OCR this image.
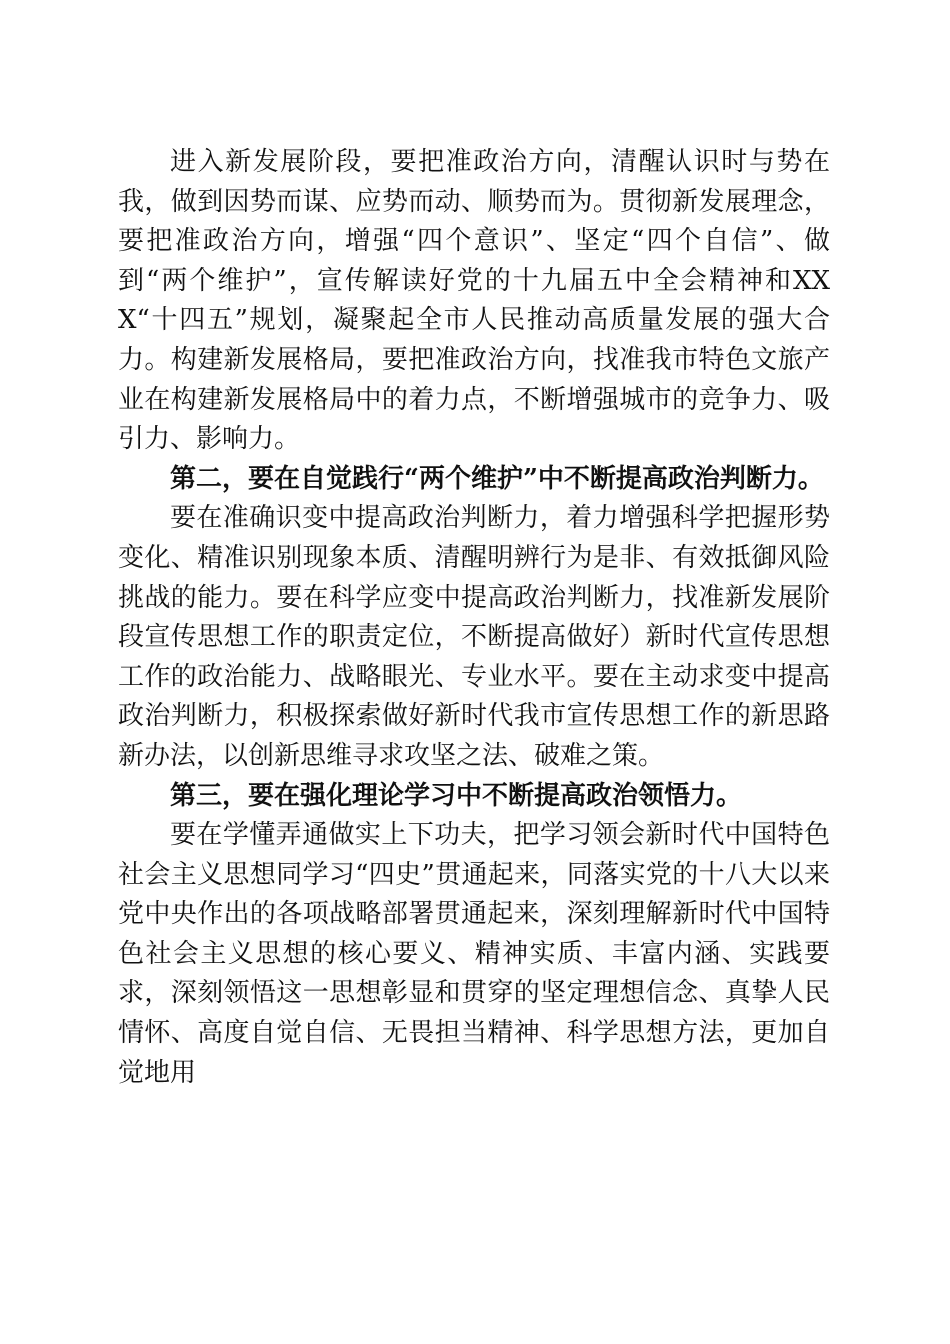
进入新发展阶段，要把准政治方向，清醒认识时与势在我，做到因势而谋、应势而动、顺势而为。贯彻新发展理念，要把准政治方向，增强“四个意识”、坚定“四个自信”、做到“两个维护”，宣传解读好党的十九届五中全会精神和XXX“十四五”规划，凝聚起全市人民推动高质量发展的强大合力。构建新发展格局，要把准政治方向，找准我市特色文旅产业在构建新发展格局中的着力点，不断增强城市的竞争力、吸引力、影响力。

第二，要在自觉践行“两个维护”中不断提高政治判断力。

要在准确识变中提高政治判断力，着力增强科学把握形势变化、精准识别现象本质、清醒明辨行为是非、有效抵御风险挑战的能力。要在科学应变中提高政治判断力，找准新发展阶段宣传思想工作的职责定位，不断提高做好）新时代宣传思想工作的政治能力、战略眼光、专业水平。要在主动求变中提高政治判断力，积极探索做好新时代我市宣传思想工作的新思路新办法，以创新思维寻求攻坚之法、破难之策。

第三，要在强化理论学习中不断提高政治领悟力。

要在学懂弄通做实上下功夫，把学习领会新时代中国特色社会主义思想同学习“四史”贯通起来，同落实党的十八大以来党中央作出的各项战略部署贯通起来，深刻理解新时代中国特色社会主义思想的核心要义、精神实质、丰富内涵、实践要求，深刻领悟这一思想彰显和贯穿的坚定理想信念、真挚人民情怀、高度自觉自信、无畏担当精神、科学思想方法，更加自觉地用
